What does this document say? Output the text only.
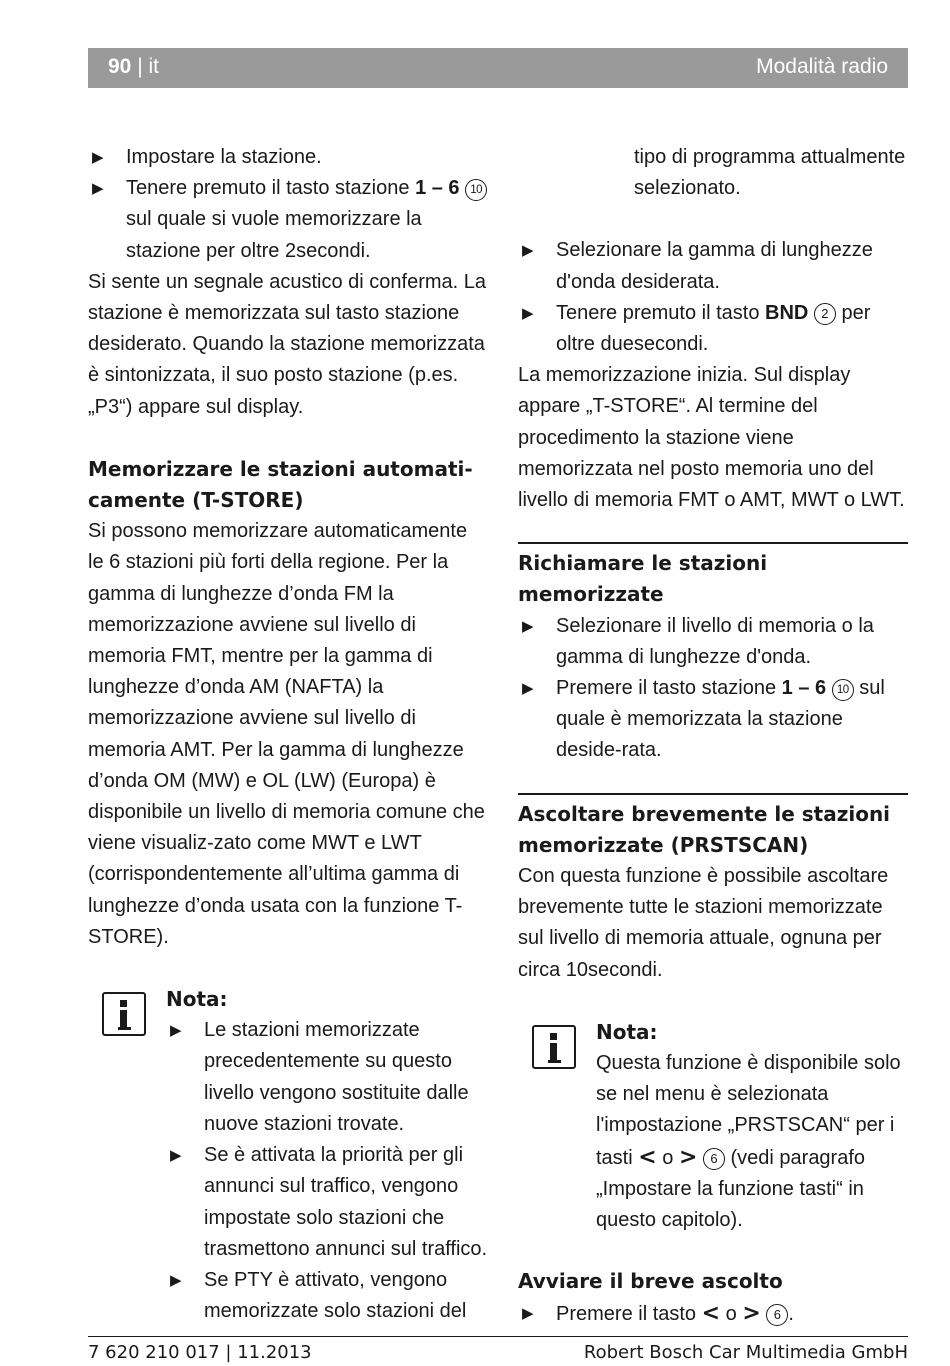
90 | it	Modalità radio

▶ Impostare la stazione.

▶ Tenere premuto il tasto stazione 1 – 6 10 sul quale si vuole memorizzare la stazione per oltre 2secondi.

Si sente un segnale acustico di conferma. La stazione è memorizzata sul tasto stazione desiderato. Quando la stazione memorizzata è sintonizzata, il suo posto stazione (p.es. „P3“) appare sul display.

Memorizzare le stazioni automati-
camente (T-STORE)

Si possono memorizzare automaticamente le 6 stazioni più forti della regione. Per la gamma di lunghezze d’onda FM la memorizzazione avviene sul livello di memoria FMT, mentre per la gamma di lunghezze d’onda AM (NAFTA) la memorizzazione avviene sul livello di memoria AMT. Per la gamma di lunghezze d’onda OM (MW) e OL (LW) (Europa) è disponibile un livello di memoria comune che viene visualiz-zato come MWT e LWT (corrispondentemente all’ultima gamma di lunghezze d’onda usata con la funzione T-STORE).

Nota:

▶ Le stazioni memorizzate precedentemente su questo livello vengono sostituite dalle nuove stazioni trovate.

▶ Se è attivata la priorità per gli annunci sul traffico, vengono impostate solo stazioni che trasmettono annunci sul traffico.

▶ Se PTY è attivato, vengono memorizzate solo stazioni del

tipo di programma attualmente selezionato.

▶ Selezionare la gamma di lunghezze d'onda desiderata.

▶ Tenere premuto il tasto BND 2 per oltre duesecondi.

La memorizzazione inizia. Sul display appare „T-STORE“. Al termine del procedimento la stazione viene memorizzata nel posto memoria uno del livello di memoria FMT o AMT, MWT o LWT.

Richiamare le stazioni memorizzate

▶ Selezionare il livello di memoria o la gamma di lunghezze d'onda.

▶ Premere il tasto stazione 1 – 6 10 sul quale è memorizzata la stazione deside-rata.

Ascoltare brevemente le stazioni
memorizzate (PRSTSCAN)

Con questa funzione è possibile ascoltare brevemente tutte le stazioni memorizzate sul livello di memoria attuale, ognuna per circa 10secondi.

Nota:

Questa funzione è disponibile solo se nel menu è selezionata l'impostazione „PRSTSCAN“ per i tasti < o > 6 (vedi paragrafo „Impostare la funzione tasti“ in questo capitolo).

Avviare il breve ascolto

▶ Premere il tasto < o > 6 .

7 620 210 017 | 11.2013	Robert Bosch Car Multimedia GmbH
